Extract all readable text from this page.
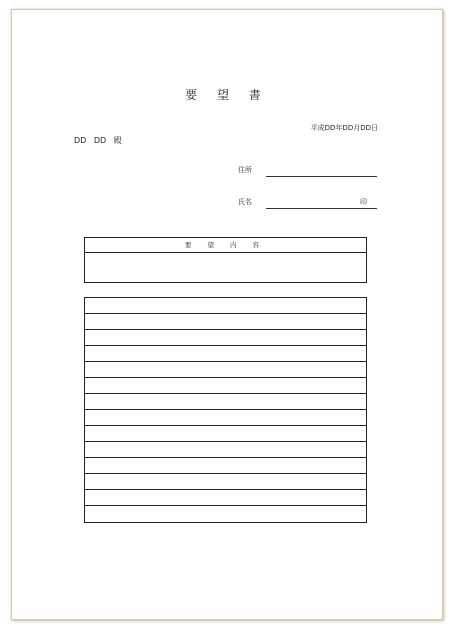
要 望 書
平成DD年DD月DD日
DD DD 殿
住所
氏名	印
要 望 内 容
